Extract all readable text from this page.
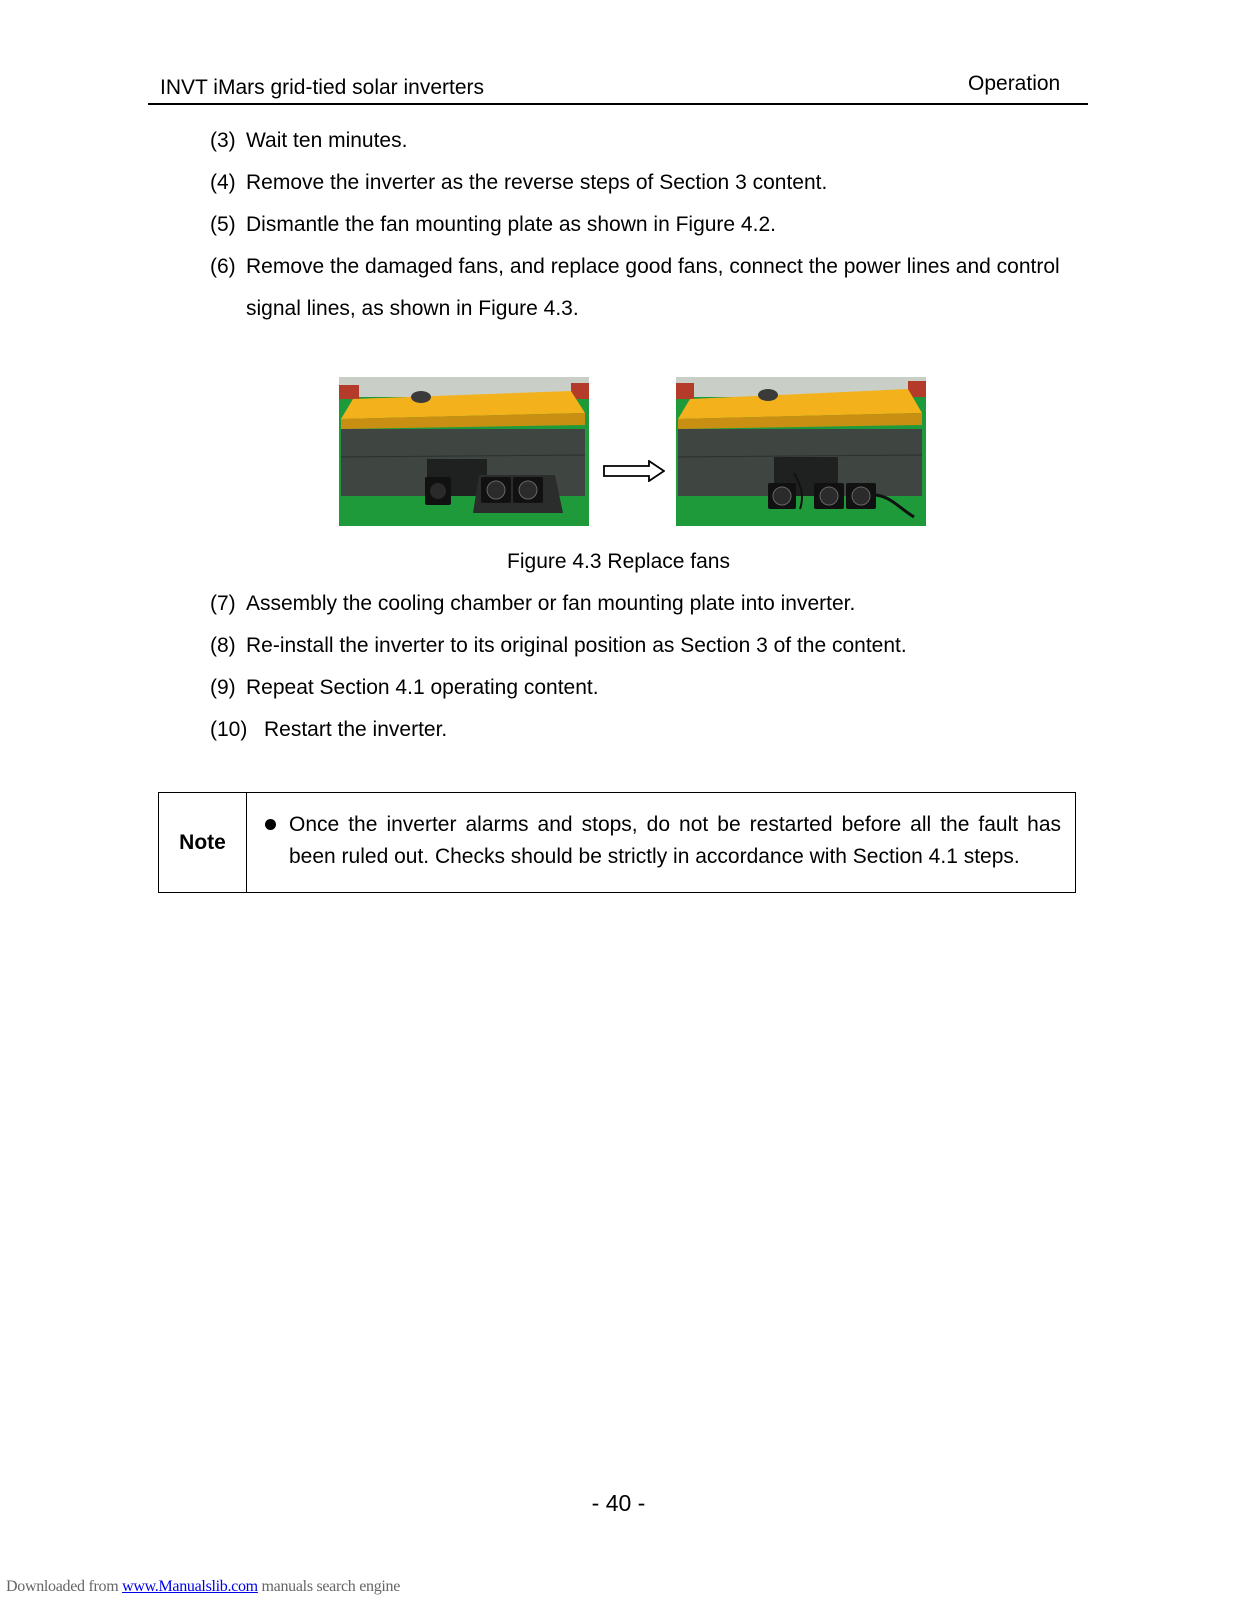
INVT iMars grid-tied solar inverters	Operation
(3) Wait ten minutes.
(4) Remove the inverter as the reverse steps of Section 3 content.
(5) Dismantle the fan mounting plate as shown in Figure 4.2.
(6) Remove the damaged fans, and replace good fans, connect the power lines and control
signal lines, as shown in Figure 4.3.
Figure 4.3 Replace fans
(7) Assembly the cooling chamber or fan mounting plate into inverter.
(8) Re-install the inverter to its original position as Section 3 of the content.
(9) Repeat Section 4.1 operating content.
(10) Restart the inverter.
Note
Once the inverter alarms and stops, do not be restarted before all the fault has
been ruled out. Checks should be strictly in accordance with Section 4.1 steps.
- 40 -
Downloaded from www.Manualslib.com manuals search engine
